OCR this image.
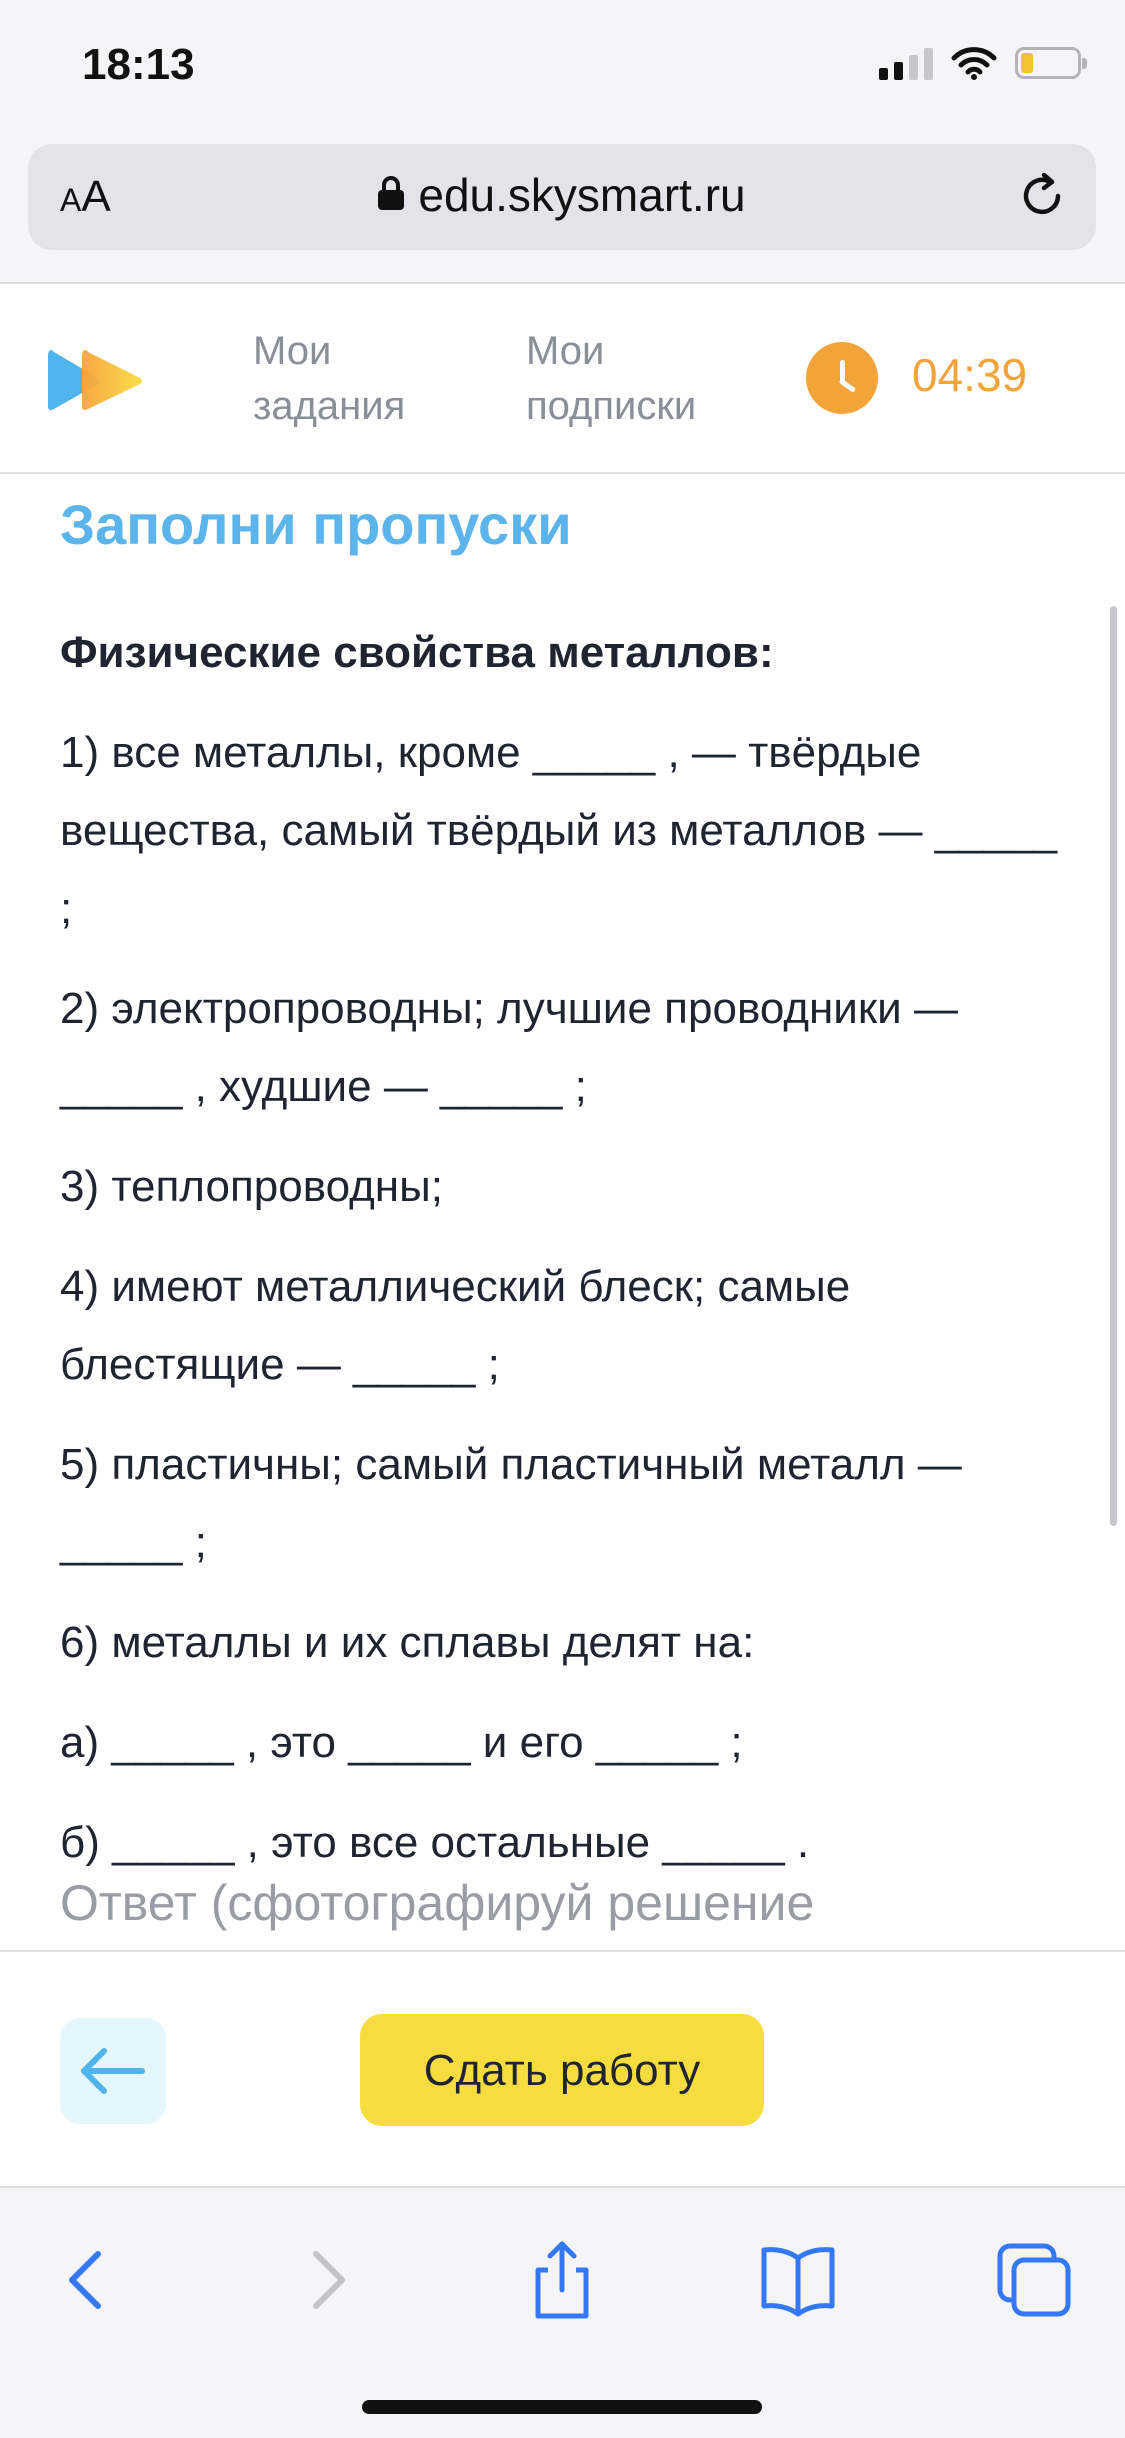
18:13
AA	edu.skysmart.ru
Мои
задания
Мои
подписки
04:39
Заполни пропуски

Физические свойства металлов:

1) все металлы, кроме _____ , — твёрдые вещества, самый твёрдый из металлов — _____ ;

2) электропроводны; лучшие проводники — _____ , худшие — _____ ;

3) теплопроводны;

4) имеют металлический блеск; самые блестящие — _____ ;

5) пластичны; самый пластичный металл — _____ ;

6) металлы и их сплавы делят на:

а) _____ , это _____ и его _____ ;

б) _____ , это все остальные _____ .

Ответ (сфотографируй решение
Сдать работу
